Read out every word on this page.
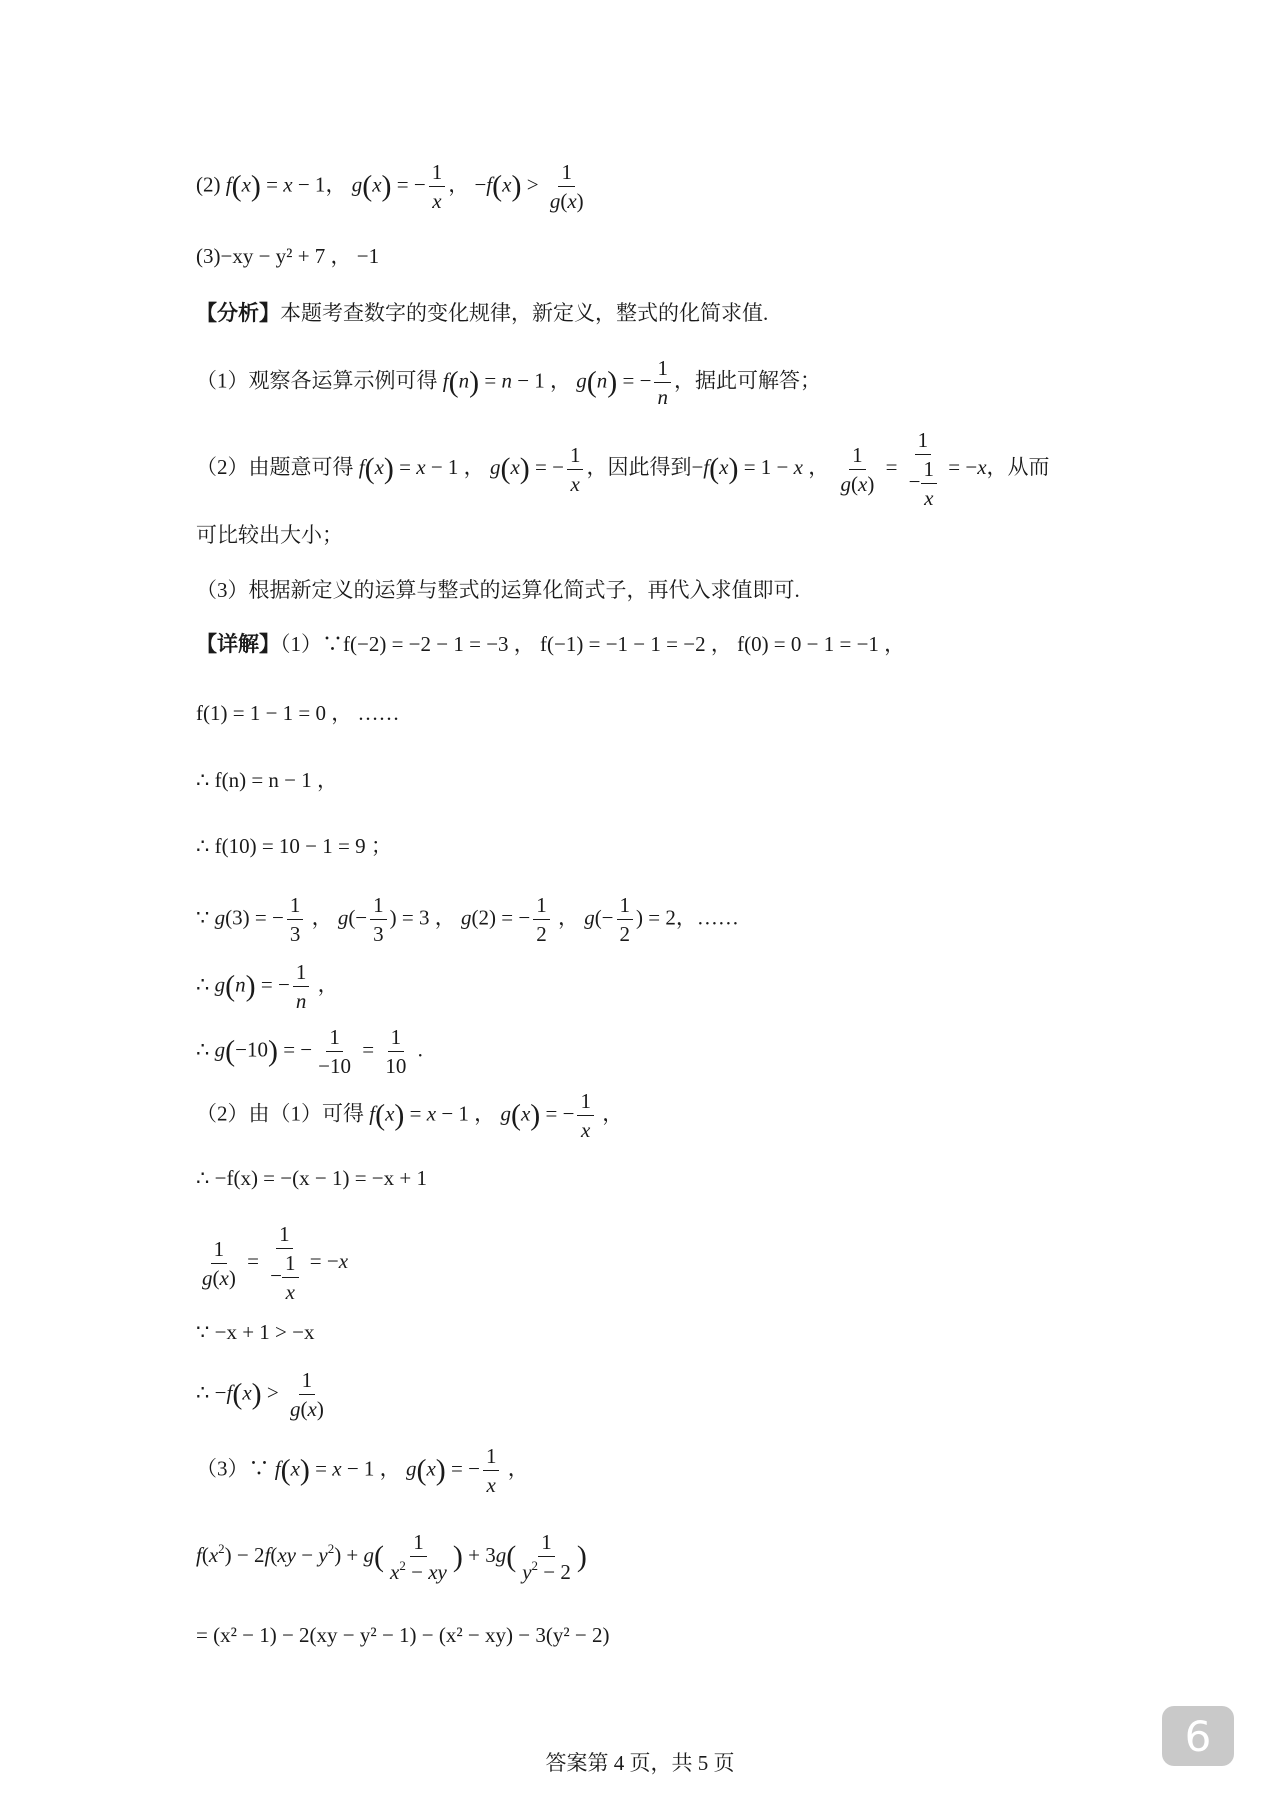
(2) f(x) = x − 1， g(x) = − $\frac{1}{x}$ ， $-f(x) > \frac{1}{g(x)}$
(3)−xy − y² + 7 ， −1
【分析】本题考查数字的变化规律，新定义，整式的化简求值.
（1）观察各运算示例可得 f(n) = n − 1 ， g(n) = − $\frac{1}{n}$ ，据此可解答；
（2）由题意可得 f(x) = x − 1 ， g(x) = − $\frac{1}{x}$ ，因此得到−f(x) = 1 − x ， $\frac{1}{g(x)} = \frac{1}{- \frac{1}{x}} = -x$，从而
可比较出大小；
（3）根据新定义的运算与整式的运算化简式子，再代入求值即可.
【详解】（1）∵f(−2) = −2 − 1 = −3 ， f(−1) = −1 − 1 = −2 ， f(0) = 0 − 1 = −1 ，
f(1) = 1 − 1 = 0 ， ……
∴ f(n) = n − 1 ，
∴ f(10) = 10 − 1 = 9 ；
∵ g(3) = − $\frac{1}{3}$ ， $g(- \frac{1}{3}$ ) = 3 ， g(2) = − $\frac{1}{2}$ ， $g(- \frac{1}{2}$ ) = 2，……
∴ g(n) = − $\frac{1}{n}$ ，
∴ g(−10) = − $\frac{1}{-10} = \frac{1}{10}$ .
（2）由（1）可得 f(x) = x − 1 ， g(x) = − $\frac{1}{x}$ ，
∴ −f(x) = −(x − 1) = −x + 1
$\frac{1}{g(x)} = \frac{1}{- \frac{1}{x}} = -x$
∵ −x + 1 > −x
∴ $-f(x) > \frac{1}{g(x)}$
（3）∵ f(x) = x − 1 ， g(x) = − $\frac{1}{x}$ ，
$f(x^2) - 2f(xy - y^2) + g( \frac{1}{x^2 - xy}$ ) + $3g( \frac{1}{y^2 - 2}$ )
= (x² − 1) − 2(xy − y² − 1) − (x² − xy) − 3(y² − 2)
答案第 4 页，共 5 页
6
